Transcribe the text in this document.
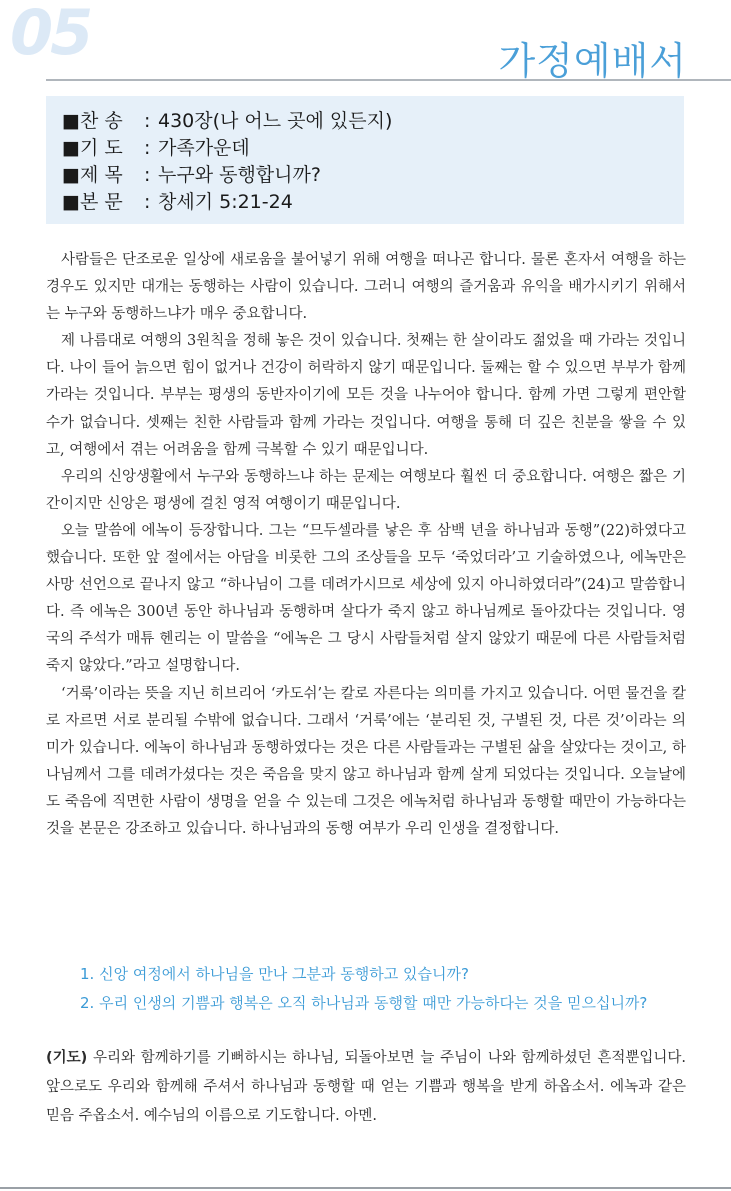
05	가정예배서
■찬 송 : 430장(나 어느 곳에 있든지)
■기 도 : 가족가운데
■제 목 : 누구와 동행합니까?
■본 문 : 창세기 5:21-24

사람들은 단조로운 일상에 새로움을 불어넣기 위해 여행을 떠나곤 합니다. 물론 혼자서 여행을 하는 경우도 있지만 대개는 동행하는 사람이 있습니다. 그러니 여행의 즐거움과 유익을 배가시키기 위해서는 누구와 동행하느냐가 매우 중요합니다.

제 나름대로 여행의 3원칙을 정해 놓은 것이 있습니다. 첫째는 한 살이라도 젊었을 때 가라는 것입니다. 나이 들어 늙으면 힘이 없거나 건강이 허락하지 않기 때문입니다. 둘째는 할 수 있으면 부부가 함께 가라는 것입니다. 부부는 평생의 동반자이기에 모든 것을 나누어야 합니다. 함께 가면 그렇게 편안할 수가 없습니다. 셋째는 친한 사람들과 함께 가라는 것입니다. 여행을 통해 더 깊은 친분을 쌓을 수 있고, 여행에서 겪는 어려움을 함께 극복할 수 있기 때문입니다.

우리의 신앙생활에서 누구와 동행하느냐 하는 문제는 여행보다 훨씬 더 중요합니다. 여행은 짧은 기간이지만 신앙은 평생에 걸친 영적 여행이기 때문입니다.

오늘 말씀에 에녹이 등장합니다. 그는 “므두셀라를 낳은 후 삼백 년을 하나님과 동행”(22)하였다고 했습니다. 또한 앞 절에서는 아담을 비롯한 그의 조상들을 모두 ‘죽었더라’고 기술하였으나, 에녹만은 사망 선언으로 끝나지 않고 “하나님이 그를 데려가시므로 세상에 있지 아니하였더라”(24)고 말씀합니다. 즉 에녹은 300년 동안 하나님과 동행하며 살다가 죽지 않고 하나님께로 돌아갔다는 것입니다. 영국의 주석가 매튜 헨리는 이 말씀을 “에녹은 그 당시 사람들처럼 살지 않았기 때문에 다른 사람들처럼 죽지 않았다.”라고 설명합니다.

‘거룩’이라는 뜻을 지닌 히브리어 ‘카도쉬’는 칼로 자른다는 의미를 가지고 있습니다. 어떤 물건을 칼로 자르면 서로 분리될 수밖에 없습니다. 그래서 ‘거룩’에는 ‘분리된 것, 구별된 것, 다른 것’이라는 의미가 있습니다. 에녹이 하나님과 동행하였다는 것은 다른 사람들과는 구별된 삶을 살았다는 것이고, 하나님께서 그를 데려가셨다는 것은 죽음을 맞지 않고 하나님과 함께 살게 되었다는 것입니다. 오늘날에도 죽음에 직면한 사람이 생명을 얻을 수 있는데 그것은 에녹처럼 하나님과 동행할 때만이 가능하다는 것을 본문은 강조하고 있습니다. 하나님과의 동행 여부가 우리 인생을 결정합니다.

1. 신앙 여정에서 하나님을 만나 그분과 동행하고 있습니까?
2. 우리 인생의 기쁨과 행복은 오직 하나님과 동행할 때만 가능하다는 것을 믿으십니까?
(기도) 우리와 함께하기를 기뻐하시는 하나님, 되돌아보면 늘 주님이 나와 함께하셨던 흔적뿐입니다. 앞으로도 우리와 함께해 주셔서 하나님과 동행할 때 얻는 기쁨과 행복을 받게 하옵소서. 에녹과 같은 믿음 주옵소서. 예수님의 이름으로 기도합니다. 아멘.
